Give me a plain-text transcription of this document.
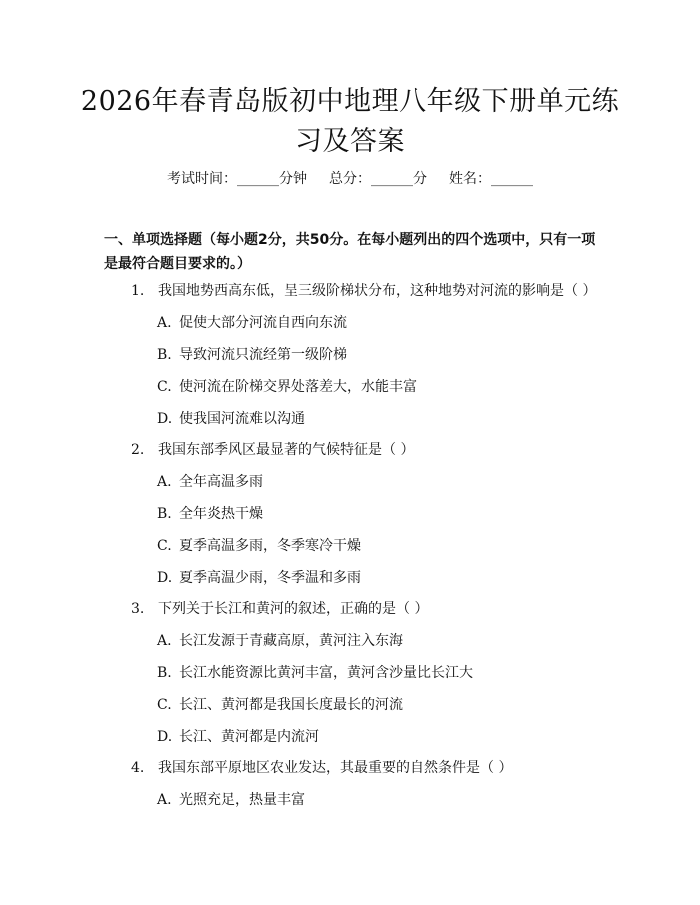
2026年春青岛版初中地理八年级下册单元练习及答案
考试时间：______分钟 总分：______分 姓名：______
一、单项选择题（每小题2分，共50分。在每小题列出的四个选项中，只有一项是最符合题目要求的。）
1. 我国地势西高东低，呈三级阶梯状分布，这种地势对河流的影响是（ ）
A. 促使大部分河流自西向东流
B. 导致河流只流经第一级阶梯
C. 使河流在阶梯交界处落差大，水能丰富
D. 使我国河流难以沟通
2. 我国东部季风区最显著的气候特征是（ ）
A. 全年高温多雨
B. 全年炎热干燥
C. 夏季高温多雨，冬季寒冷干燥
D. 夏季高温少雨，冬季温和多雨
3. 下列关于长江和黄河的叙述，正确的是（ ）
A. 长江发源于青藏高原，黄河注入东海
B. 长江水能资源比黄河丰富，黄河含沙量比长江大
C. 长江、黄河都是我国长度最长的河流
D. 长江、黄河都是内流河
4. 我国东部平原地区农业发达，其最重要的自然条件是（ ）
A. 光照充足，热量丰富
